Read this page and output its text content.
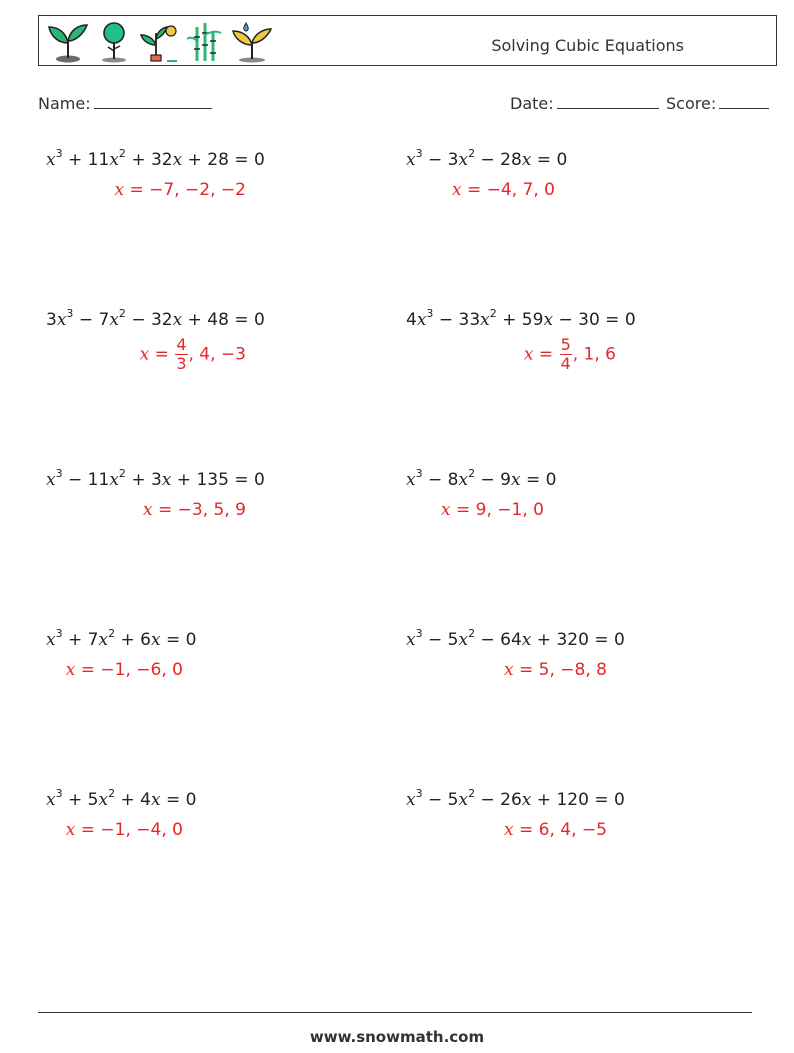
Solving Cubic Equations
Name:	Date:	Score:
$x^3 + 11x^2 + 32x + 28 = 0$
x = −7, −2, −2
$x^3 - 3x^2 - 28x = 0$
x = −4, 7, 0
$3x^3 - 7x^2 - 32x + 48 = 0$
$x = \frac{4}{3}$ , 4, −3
$4x^3 - 33x^2 + 59x - 30 = 0$
$x = \frac{5}{4}$ , 1, 6
$x^3 - 11x^2 + 3x + 135 = 0$
x = −3, 5, 9
$x^3 - 8x^2 - 9x = 0$
x = 9, −1, 0
$x^3 + 7x^2 + 6x = 0$
x = −1, −6, 0
$x^3 - 5x^2 - 64x + 320 = 0$
x = 5, −8, 8
$x^3 + 5x^2 + 4x = 0$
x = −1, −4, 0
$x^3 - 5x^2 - 26x + 120 = 0$
x = 6, 4, −5
www.snowmath.com
